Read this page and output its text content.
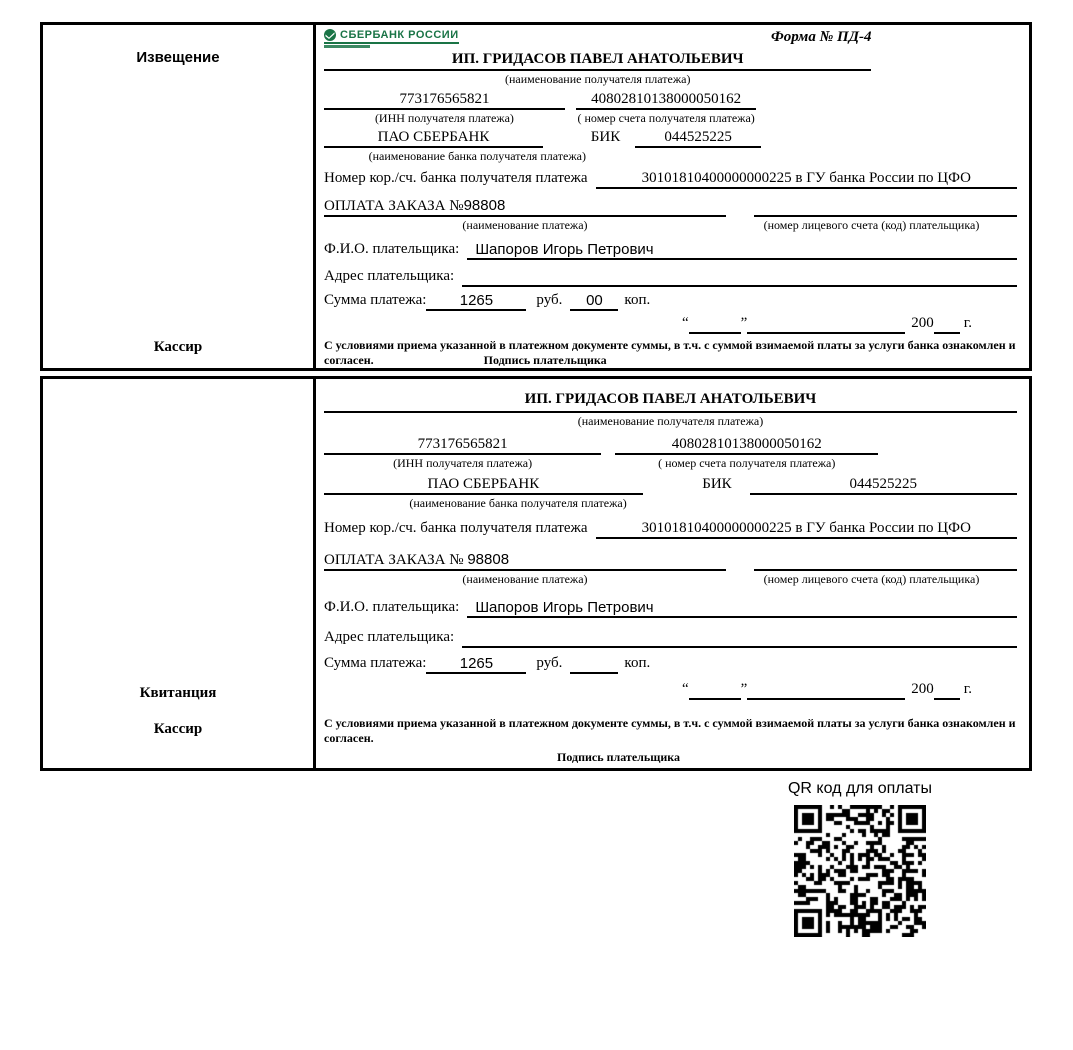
Извещение
Кассир
СБЕРБАНК РОССИИ	Форма № ПД-4
ИП. ГРИДАСОВ ПАВЕЛ АНАТОЛЬЕВИЧ
(наименование получателя платежа)
773176565821	40802810138000050162
(ИНН получателя платежа)	( номер счета получателя платежа)
ПАО СБЕРБАНК	БИК	044525225
(наименование банка получателя платежа)
Номер кор./сч. банка получателя платежа	30101810400000000225 в ГУ банка России по ЦФО
ОПЛАТА ЗАКАЗА №98808
(наименование платежа)	(номер лицевого счета (код) плательщика)
Ф.И.О. плательщика:	Шапоров Игорь Петрович
Адрес плательщика:
Сумма платежа:	1265	руб.	00	коп.
“	”	200 г.
С условиями приема указанной в платежном документе суммы, в т.ч. с суммой взимаемой платы за услуги банка ознакомлен и согласен.	Подпись плательщика
Квитанция
Кассир
ИП. ГРИДАСОВ ПАВЕЛ АНАТОЛЬЕВИЧ
(наименование получателя платежа)
773176565821	40802810138000050162
(ИНН получателя платежа)	( номер счета получателя платежа)
ПАО СБЕРБАНК	БИК	044525225
(наименование банка получателя платежа)
Номер кор./сч. банка получателя платежа	30101810400000000225 в ГУ банка России по ЦФО
ОПЛАТА ЗАКАЗА № 98808
(наименование платежа)	(номер лицевого счета (код) плательщика)
Ф.И.О. плательщика:	Шапоров Игорь Петрович
Адрес плательщика:
Сумма платежа:	1265	руб.	коп.
“	”	200 г.
С условиями приема указанной в платежном документе суммы, в т.ч. с суммой взимаемой платы за услуги банка ознакомлен и согласен.
Подпись плательщика
QR код для оплаты
